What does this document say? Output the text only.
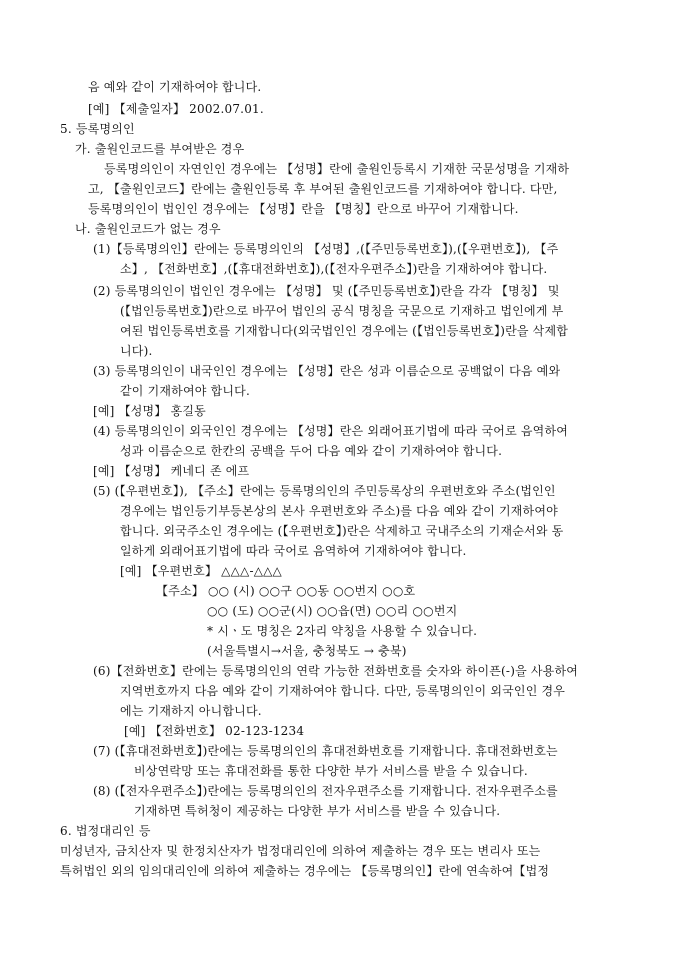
음 예와 같이 기재하여야 합니다.
[예] 【제출일자】 2002.07.01.
5. 등록명의인
가. 출원인코드를 부여받은 경우
등록명의인이 자연인인 경우에는 【성명】란에 출원인등록시 기재한 국문성명을 기재하
고, 【출원인코드】란에는 출원인등록 후 부여된 출원인코드를 기재하여야 합니다. 다만,
등록명의인이 법인인 경우에는 【성명】란을 【명칭】란으로 바꾸어 기재합니다.
나. 출원인코드가 없는 경우
(1)【등록명의인】란에는 등록명의인의 【성명】,(【주민등록번호】),(【우편번호】), 【주
소】, 【전화번호】,(【휴대전화번호】),(【전자우편주소】)란을 기재하여야 합니다.
(2) 등록명의인이 법인인 경우에는 【성명】 및 (【주민등록번호】)란을 각각 【명칭】 및
(【법인등록번호】)란으로 바꾸어 법인의 공식 명칭을 국문으로 기재하고 법인에게 부
여된 법인등록번호를 기재합니다(외국법인인 경우에는 (【법인등록번호】)란을 삭제합
니다).
(3) 등록명의인이 내국인인 경우에는 【성명】란은 성과 이름순으로 공백없이 다음 예와
같이 기재하여야 합니다.
[예] 【성명】 홍길동
(4) 등록명의인이 외국인인 경우에는 【성명】란은 외래어표기법에 따라 국어로 음역하여
성과 이름순으로 한칸의 공백을 두어 다음 예와 같이 기재하여야 합니다.
[예] 【성명】 케네디 존 에프
(5) (【우편번호】), 【주소】란에는 등록명의인의 주민등록상의 우편번호와 주소(법인인
경우에는 법인등기부등본상의 본사 우편번호와 주소)를 다음 예와 같이 기재하여야
합니다. 외국주소인 경우에는 (【우편번호】)란은 삭제하고 국내주소의 기재순서와 동
일하게 외래어표기법에 따라 국어로 음역하여 기재하여야 합니다.
[예] 【우편번호】 △△△-△△△
【주소】 ○○ (시) ○○구 ○○동 ○○번지 ○○호
○○ (도) ○○군(시) ○○읍(면) ○○리 ○○번지
* 시ㆍ도 명칭은 2자리 약칭을 사용할 수 있습니다.
(서울특별시→서울, 충청북도 → 충북)
(6)【전화번호】란에는 등록명의인의 연락 가능한 전화번호를 숫자와 하이픈(-)을 사용하여
지역번호까지 다음 예와 같이 기재하여야 합니다. 다만, 등록명의인이 외국인인 경우
에는 기재하지 아니합니다.
[예] 【전화번호】 02-123-1234
(7) (【휴대전화번호】)란에는 등록명의인의 휴대전화번호를 기재합니다. 휴대전화번호는
비상연락망 또는 휴대전화를 통한 다양한 부가 서비스를 받을 수 있습니다.
(8) (【전자우편주소】)란에는 등록명의인의 전자우편주소를 기재합니다. 전자우편주소를
기재하면 특허청이 제공하는 다양한 부가 서비스를 받을 수 있습니다.
6. 법정대리인 등
미성년자, 금치산자 및 한정치산자가 법정대리인에 의하여 제출하는 경우 또는 변리사 또는
특허법인 외의 임의대리인에 의하여 제출하는 경우에는 【등록명의인】란에 연속하여【법정
